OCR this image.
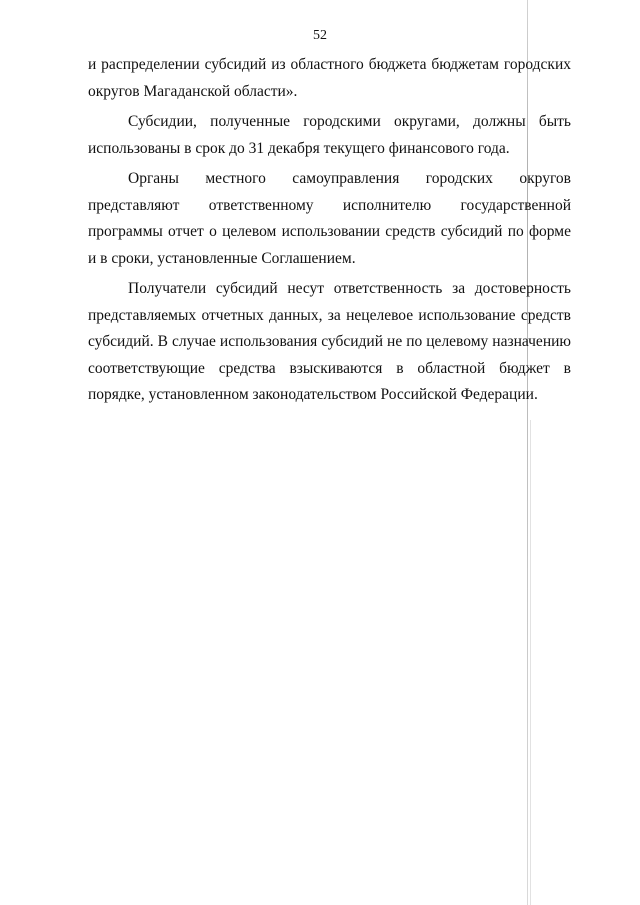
52

и распределении субсидий из областного бюджета бюджетам городских округов Магаданской области».

Субсидии, полученные городскими округами, должны быть использованы в срок до 31 декабря текущего финансового года.

Органы местного самоуправления городских округов представляют ответственному исполнителю государственной программы отчет о целевом использовании средств субсидий по форме и в сроки, установленные Соглашением.

Получатели субсидий несут ответственность за достоверность представляемых отчетных данных, за нецелевое использование средств субсидий. В случае использования субсидий не по целевому назначению соответствующие средства взыскиваются в областной бюджет в порядке, установленном законодательством Российской Федерации.
